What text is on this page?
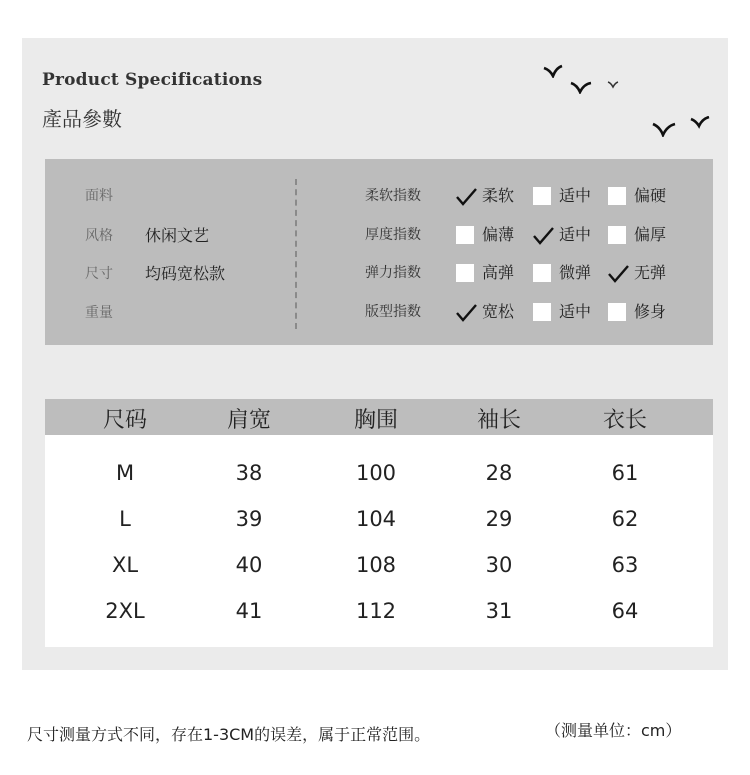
Product Specifications
產品參數
面料
风格 休闲文艺
尺寸 均码宽松款
重量
柔软指数	柔软	适中	偏硬
厚度指数	偏薄	适中	偏厚
弹力指数	高弹	微弹	无弹
版型指数	宽松	适中	修身
尺码	肩宽	胸围	袖长	衣长
M	38	100	28	61
L	39	104	29	62
XL	40	108	30	63
2XL	41	112	31	64
尺寸测量方式不同，存在1-3CM的误差，属于正常范围。	（测量单位：cm）
